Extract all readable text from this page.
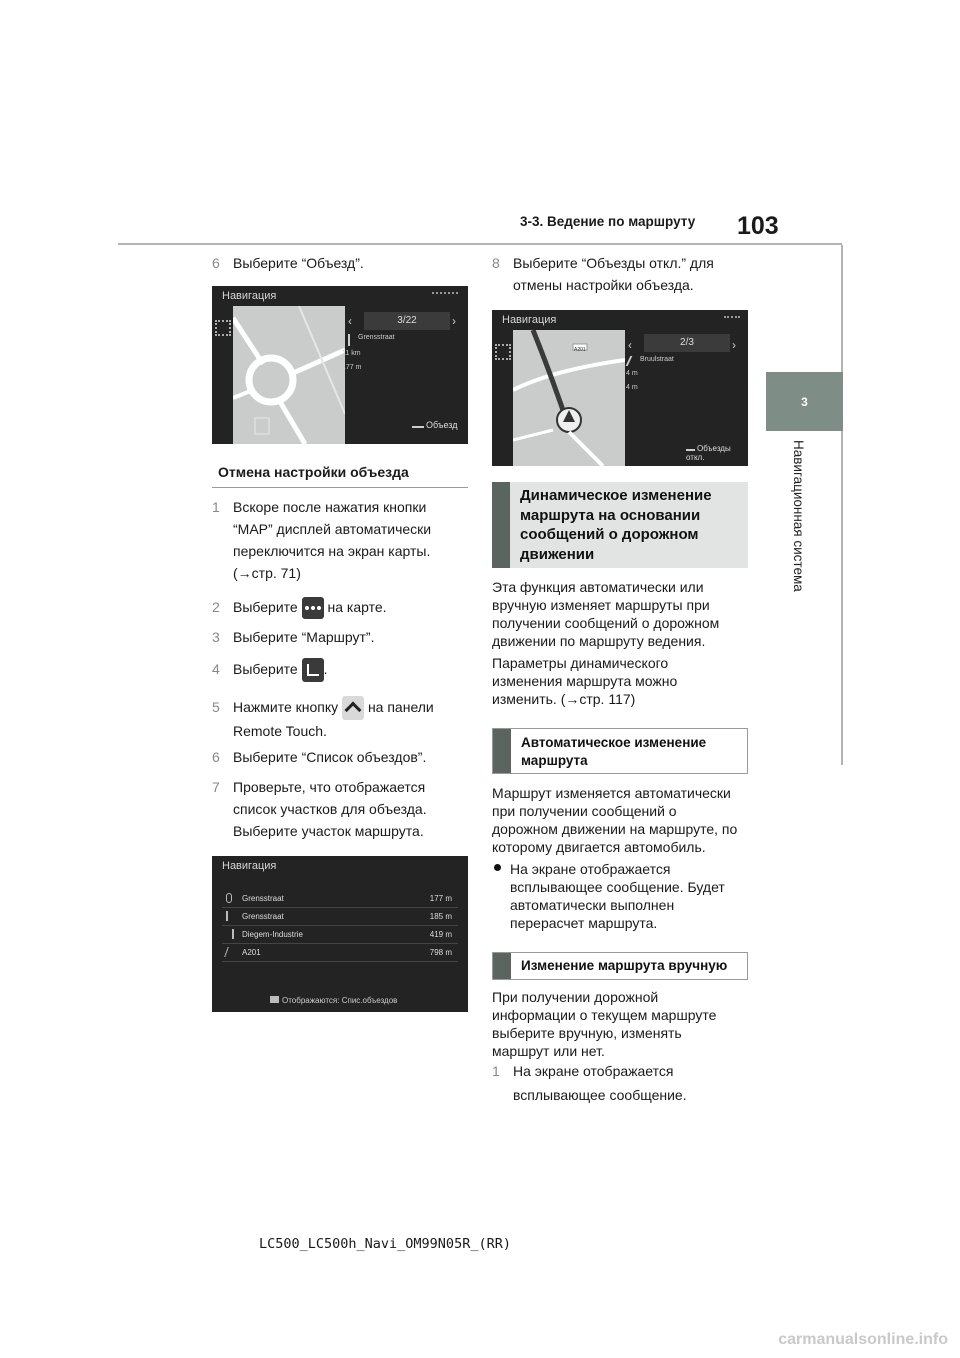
3-3. Ведение по маршруту 103
3
Навигационная система
6 Выберите “Объезд”.
Навигация
‹	3/22	›
Grensstraat
11 km
177 m
Объезд
Отмена настройки объезда
1 Вскоре после нажатия кнопки
“MAP” дисплей автоматически
переключится на экран карты.
(→стр. 71)
2 Выберите на карте.
3 Выберите “Маршрут”.
4 Выберите .
5 Нажмите кнопку на панели
Remote Touch.
6 Выберите “Список объездов”.
7 Проверьте, что отображается
список участков для объезда.
Выберите участок маршрута.
Навигация
Grensstraat	177 m
Grensstraat	185 m
Diegem-Industrie	419 m
A201	798 m
Отображаются: Спис.объездов
8 Выберите “Объезды откл.” для
отмены настройки объезда.
Навигация
A201	‹	2/3	›
Bruulstraat
4 m
4 m
Объезды откл.
Динамическое изменение
маршрута на основании
сообщений о дорожном
движении
Эта функция автоматически или
вручную изменяет маршруты при
получении сообщений о дорожном
движении по маршруту ведения.
Параметры динамического
изменения маршрута можно
изменить. (→стр. 117)
Автоматическое изменение
маршрута
Маршрут изменяется автоматически
при получении сообщений о
дорожном движении на маршруте, по
которому двигается автомобиль.
На экране отображается
всплывающее сообщение. Будет
автоматически выполнен
перерасчет маршрута.
Изменение маршрута вручную
При получении дорожной
информации о текущем маршруте
выберите вручную, изменять
маршрут или нет.
1 На экране отображается
всплывающее сообщение.
LC500_LC500h_Navi_OM99N05R_(RR)
carmanualsonline.info
